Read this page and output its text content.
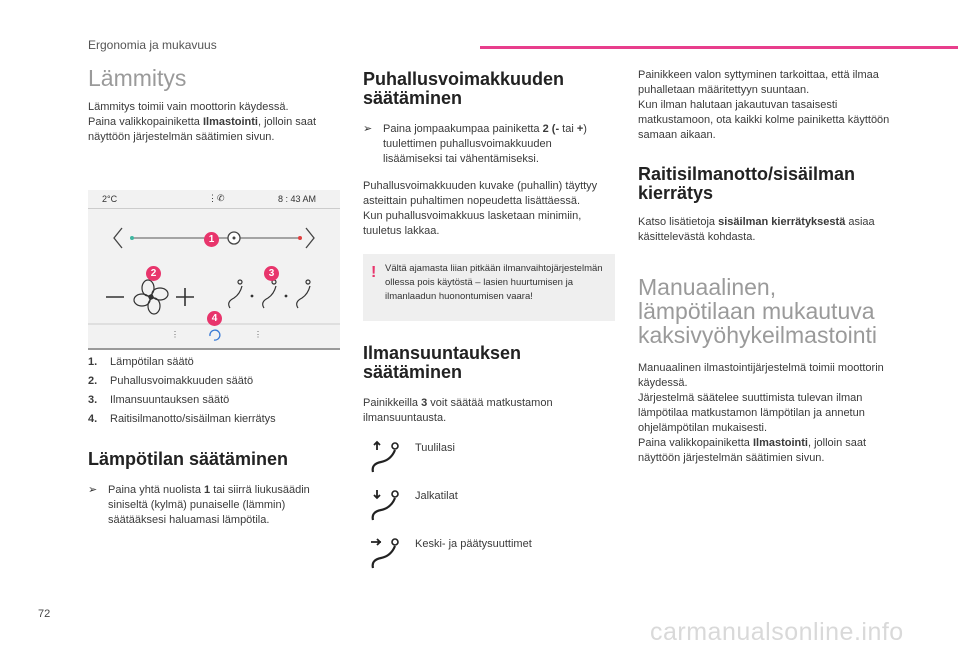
Ergonomia ja mukavuus
Lämmitys

Lämmitys toimii vain moottorin käydessä.

Paina valikkopainiketta Ilmastointi, jolloin saat näyttöön järjestelmän säätimien sivun.

2°C	⋮✆	8 : 43 AM
⋮	⋮
1
2	3
4
1. Lämpötilan säätö
2. Puhallusvoimakkuuden säätö
3. Ilmansuuntauksen säätö
4. Raitisilmanotto/sisäilman kierrätys
Lämpötilan säätäminen
➢ Paina yhtä nuolista 1 tai siirrä liukusäädin siniseltä (kylmä) punaiselle (lämmin) säätääksesi haluamasi lämpötila.
Puhallusvoimakkuuden säätäminen
➢ Paina jompaakumpaa painiketta 2 (- tai +) tuulettimen puhallusvoimakkuuden lisäämiseksi tai vähentämiseksi.

Puhallusvoimakkuuden kuvake (puhallin) täyttyy asteittain puhaltimen nopeudetta lisättäessä.

Kun puhallusvoimakkuus lasketaan minimiin, tuuletus lakkaa.

! Vältä ajamasta liian pitkään ilmanvaihtojärjestelmän ollessa pois käytöstä – lasien huurtumisen ja ilmanlaadun huonontumisen vaara!
Ilmansuuntauksen säätäminen

Painikkeilla 3 voit säätää matkustamon ilmansuuntausta.

Tuulilasi
Jalkatilat
Keski- ja päätysuuttimet

Painikkeen valon syttyminen tarkoittaa, että ilmaa puhalletaan määritettyyn suuntaan.

Kun ilman halutaan jakautuvan tasaisesti matkustamoon, ota kaikki kolme painiketta käyttöön samaan aikaan.

Raitisilmanotto/sisäilman kierrätys

Katso lisätietoja sisäilman kierrätyksestä asiaa käsittelevästä kohdasta.

Manuaalinen, lämpötilaan mukautuva kaksivyöhykeilmastointi

Manuaalinen ilmastointijärjestelmä toimii moottorin käydessä.

Järjestelmä säätelee suuttimista tulevan ilman lämpötilaa matkustamon lämpötilan ja annetun ohjelämpötilan mukaisesti.

Paina valikkopainiketta Ilmastointi, jolloin saat näyttöön järjestelmän säätimien sivun.

72
carmanualsonline.info
